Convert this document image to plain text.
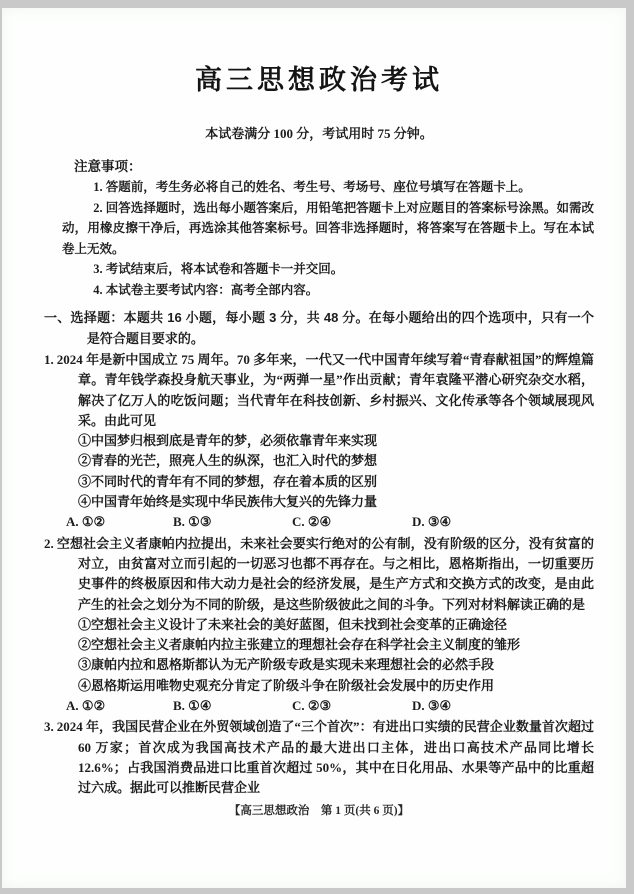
高三思想政治考试

本试卷满分 100 分，考试用时 75 分钟。

注意事项：

1. 答题前，考生务必将自己的姓名、考生号、考场号、座位号填写在答题卡上。

2. 回答选择题时，选出每小题答案后，用铅笔把答题卡上对应题目的答案标号涂黑。如需改动，用橡皮擦干净后，再选涂其他答案标号。回答非选择题时，将答案写在答题卡上。写在本试卷上无效。

3. 考试结束后，将本试卷和答题卡一并交回。

4. 本试卷主要考试内容：高考全部内容。

一、选择题：本题共 16 小题，每小题 3 分，共 48 分。在每小题给出的四个选项中，只有一个是符合题目要求的。

1. 2024 年是新中国成立 75 周年。70 多年来，一代又一代中国青年续写着“青春献祖国”的辉煌篇章。青年钱学森投身航天事业，为“两弹一星”作出贡献；青年袁隆平潜心研究杂交水稻，解决了亿万人的吃饭问题；当代青年在科技创新、乡村振兴、文化传承等各个领域展现风采。由此可见

①中国梦归根到底是青年的梦，必须依靠青年来实现

②青春的光芒，照亮人生的纵深，也汇入时代的梦想

③不同时代的青年有不同的梦想，存在着本质的区别

④中国青年始终是实现中华民族伟大复兴的先锋力量

A. ①②	B. ①③	C. ②④	D. ③④

2. 空想社会主义者康帕内拉提出，未来社会要实行绝对的公有制，没有阶级的区分，没有贫富的对立，由贫富对立而引起的一切恶习也都不再存在。与之相比，恩格斯指出，一切重要历史事件的终极原因和伟大动力是社会的经济发展，是生产方式和交换方式的改变，是由此产生的社会之划分为不同的阶级，是这些阶级彼此之间的斗争。下列对材料解读正确的是

①空想社会主义设计了未来社会的美好蓝图，但未找到社会变革的正确途径

②空想社会主义者康帕内拉主张建立的理想社会存在科学社会主义制度的雏形

③康帕内拉和恩格斯都认为无产阶级专政是实现未来理想社会的必然手段

④恩格斯运用唯物史观充分肯定了阶级斗争在阶级社会发展中的历史作用

A. ①②	B. ①④	C. ②③	D. ③④

3. 2024 年，我国民营企业在外贸领域创造了“三个首次”：有进出口实绩的民营企业数量首次超过 60 万家；首次成为我国高技术产品的最大进出口主体，进出口高技术产品同比增长 12.6%；占我国消费品进口比重首次超过 50%，其中在日化用品、水果等产品中的比重超过六成。据此可以推断民营企业

【高三思想政治　第 1 页(共 6 页)】
